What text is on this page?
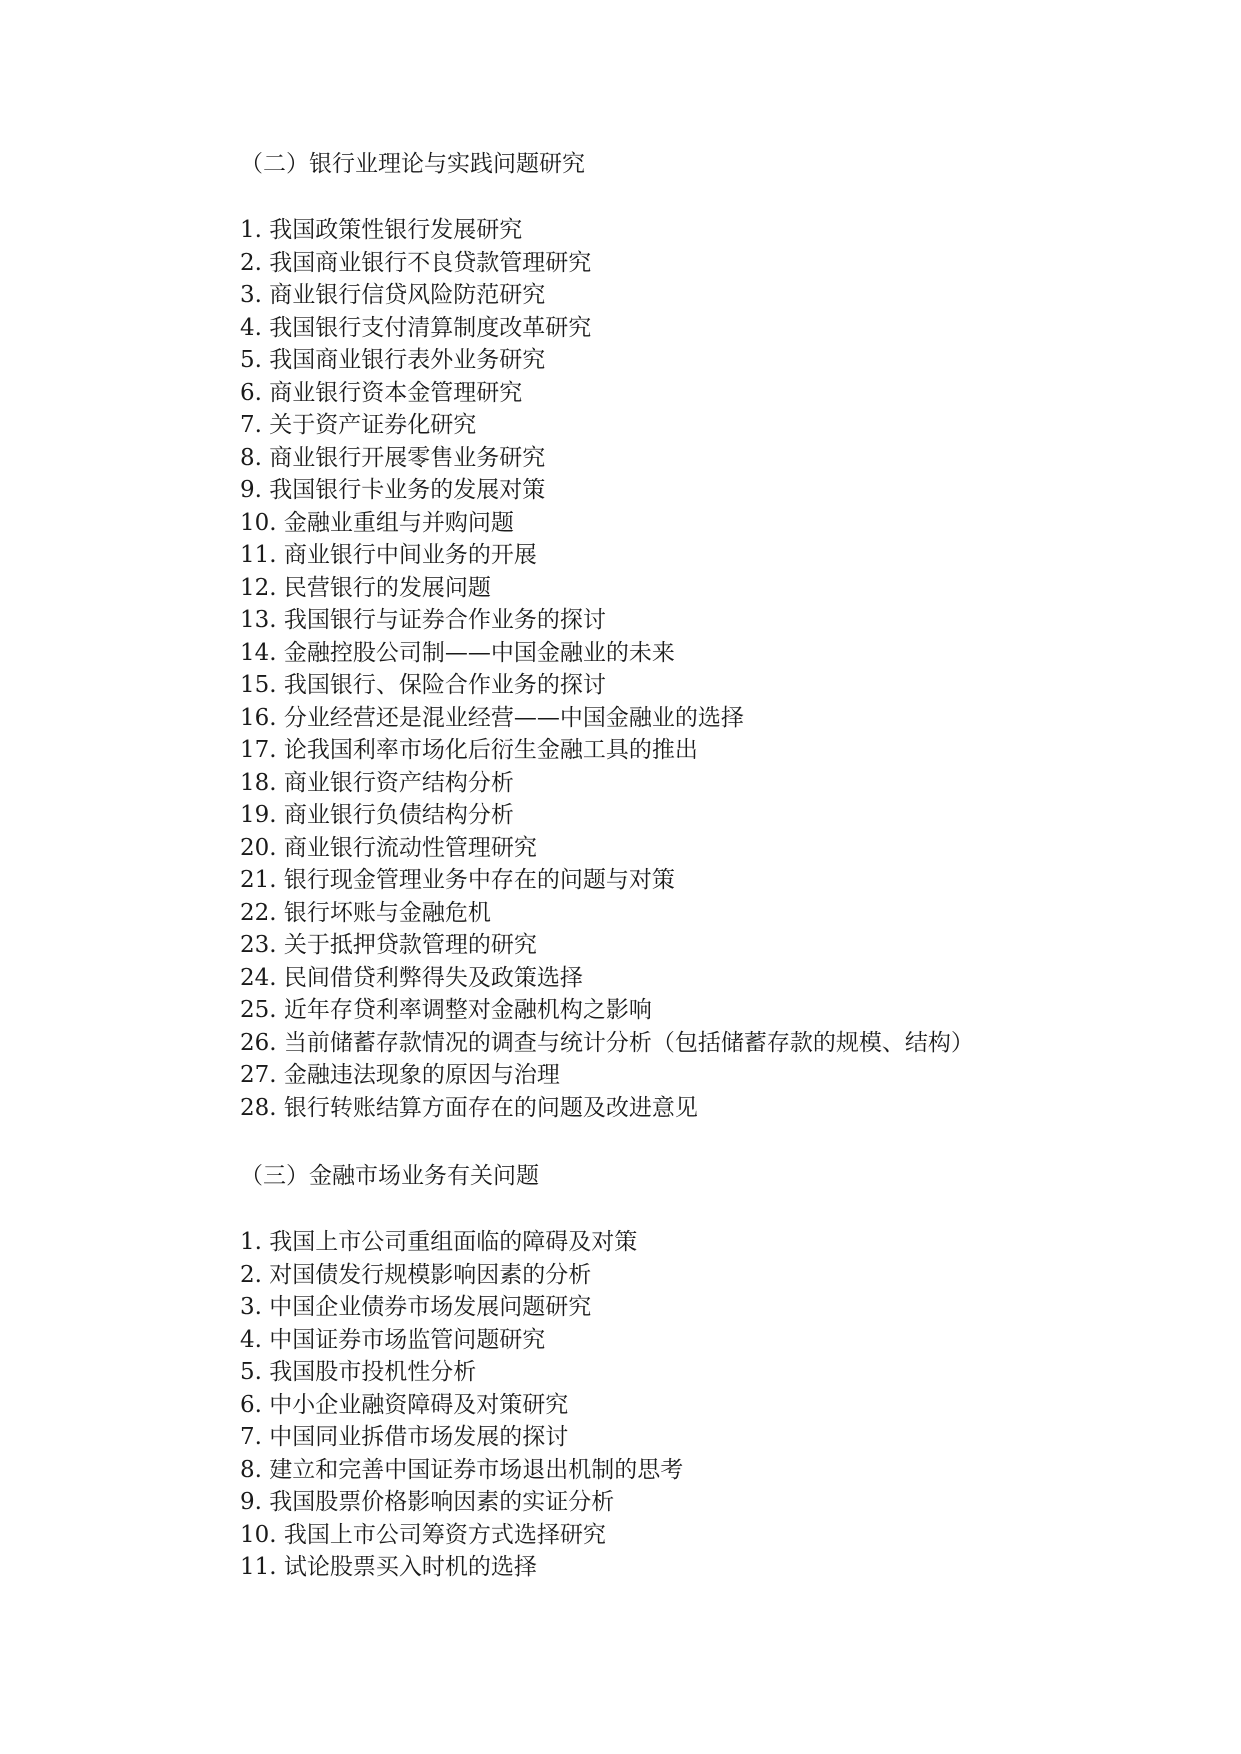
（二）银行业理论与实践问题研究
1. 我国政策性银行发展研究
2. 我国商业银行不良贷款管理研究
3. 商业银行信贷风险防范研究
4. 我国银行支付清算制度改革研究
5. 我国商业银行表外业务研究
6. 商业银行资本金管理研究
7. 关于资产证券化研究
8. 商业银行开展零售业务研究
9. 我国银行卡业务的发展对策
10. 金融业重组与并购问题
11. 商业银行中间业务的开展
12. 民营银行的发展问题
13. 我国银行与证券合作业务的探讨
14. 金融控股公司制——中国金融业的未来
15. 我国银行、保险合作业务的探讨
16. 分业经营还是混业经营——中国金融业的选择
17. 论我国利率市场化后衍生金融工具的推出
18. 商业银行资产结构分析
19. 商业银行负债结构分析
20. 商业银行流动性管理研究
21. 银行现金管理业务中存在的问题与对策
22. 银行坏账与金融危机
23. 关于抵押贷款管理的研究
24. 民间借贷利弊得失及政策选择
25. 近年存贷利率调整对金融机构之影响
26. 当前储蓄存款情况的调查与统计分析（包括储蓄存款的规模、结构）
27. 金融违法现象的原因与治理
28. 银行转账结算方面存在的问题及改进意见
（三）金融市场业务有关问题
1. 我国上市公司重组面临的障碍及对策
2. 对国债发行规模影响因素的分析
3. 中国企业债券市场发展问题研究
4. 中国证券市场监管问题研究
5. 我国股市投机性分析
6. 中小企业融资障碍及对策研究
7. 中国同业拆借市场发展的探讨
8. 建立和完善中国证券市场退出机制的思考
9. 我国股票价格影响因素的实证分析
10. 我国上市公司筹资方式选择研究
11. 试论股票买入时机的选择
